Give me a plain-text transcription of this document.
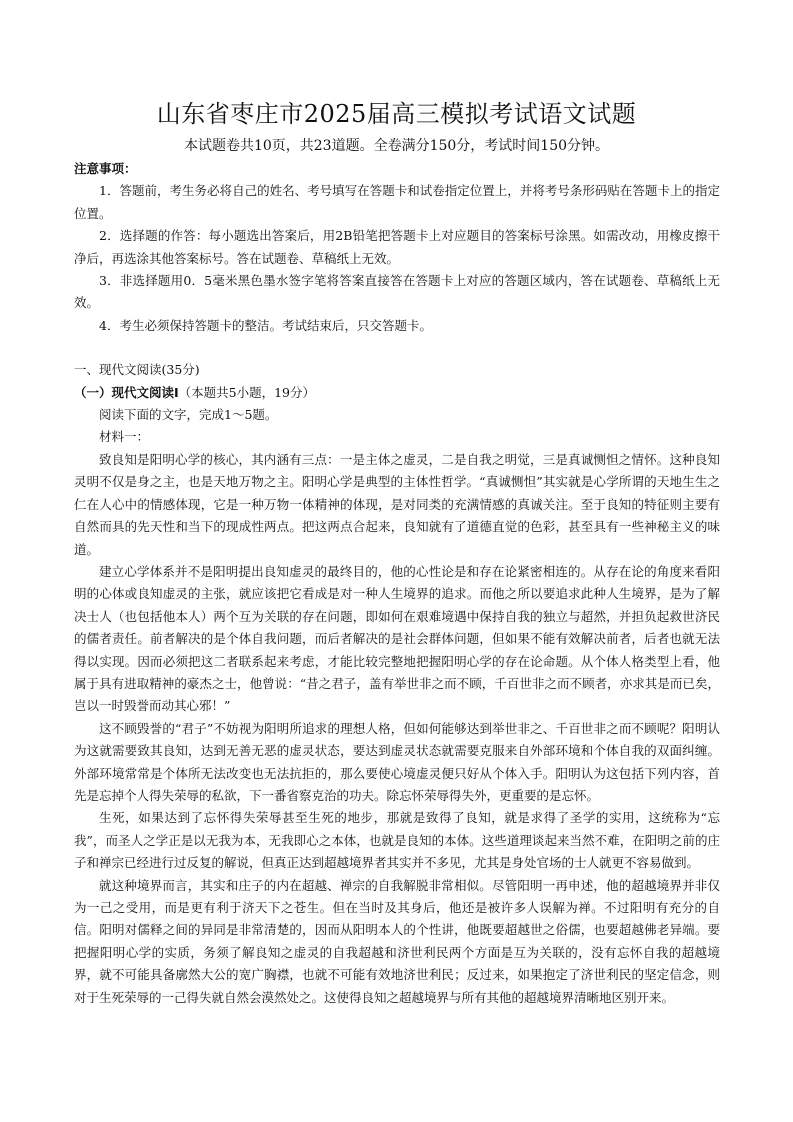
山东省枣庄市2025届高三模拟考试语文试题

本试题卷共10页，共23道题。全卷满分150分，考试时间150分钟。

注意事项：

1．答题前，考生务必将自己的姓名、考号填写在答题卡和试卷指定位置上，并将考号条形码贴在答题卡上的指定位置。

2．选择题的作答：每小题选出答案后，用2B铅笔把答题卡上对应题目的答案标号涂黑。如需改动，用橡皮擦干净后，再选涂其他答案标号。答在试题卷、草稿纸上无效。

3．非选择题用0．5毫米黑色墨水签字笔将答案直接答在答题卡上对应的答题区域内，答在试题卷、草稿纸上无效。

4．考生必须保持答题卡的整洁。考试结束后，只交答题卡。

一、现代文阅读(35分)

（一）现代文阅读Ⅰ（本题共5小题，19分）

阅读下面的文字，完成1～5题。

材料一：

致良知是阳明心学的核心，其内涵有三点：一是主体之虚灵，二是自我之明觉，三是真诚恻怛之情怀。这种良知灵明不仅是身之主，也是天地万物之主。阳明心学是典型的主体性哲学。“真诚恻怛”其实就是心学所谓的天地生生之仁在人心中的情感体现，它是一种万物一体精神的体现，是对同类的充满情感的真诚关注。至于良知的特征则主要有自然而具的先天性和当下的现成性两点。把这两点合起来，良知就有了道德直觉的色彩，甚至具有一些神秘主义的味道。

建立心学体系并不是阳明提出良知虚灵的最终目的，他的心性论是和存在论紧密相连的。从存在论的角度来看阳明的心体或良知虚灵的主张，就应该把它看成是对一种人生境界的追求。而他之所以要追求此种人生境界，是为了解决士人（也包括他本人）两个互为关联的存在问题，即如何在艰难境遇中保持自我的独立与超然，并担负起救世济民的儒者责任。前者解决的是个体自我问题，而后者解决的是社会群体问题，但如果不能有效解决前者，后者也就无法得以实现。因而必须把这二者联系起来考虑，才能比较完整地把握阳明心学的存在论命题。从个体人格类型上看，他属于具有进取精神的豪杰之士，他曾说：“昔之君子，盖有举世非之而不顾，千百世非之而不顾者，亦求其是而已矣，岂以一时毁誉而动其心邪！”

这不顾毁誉的“君子”不妨视为阳明所追求的理想人格，但如何能够达到举世非之、千百世非之而不顾呢？阳明认为这就需要致其良知，达到无善无恶的虚灵状态，要达到虚灵状态就需要克服来自外部环境和个体自我的双面纠缠。外部环境常常是个体所无法改变也无法抗拒的，那么要使心境虚灵便只好从个体入手。阳明认为这包括下列内容，首先是忘掉个人得失荣辱的私欲，下一番省察克治的功夫。除忘怀荣辱得失外，更重要的是忘怀。

生死，如果达到了忘怀得失荣辱甚至生死的地步，那就是致得了良知，就是求得了圣学的实用，这统称为“忘我”，而圣人之学正是以无我为本，无我即心之本体，也就是良知的本体。这些道理谈起来当然不难，在阳明之前的庄子和禅宗已经进行过反复的解说，但真正达到超越境界者其实并不多见，尤其是身处官场的士人就更不容易做到。

就这种境界而言，其实和庄子的内在超越、禅宗的自我解脱非常相似。尽管阳明一再申述，他的超越境界并非仅为一己之受用，而是更有利于济天下之苍生。但在当时及其身后，他还是被许多人误解为禅。不过阳明有充分的自信。阳明对儒释之间的异同是非常清楚的，因而从阳明本人的个性讲，他既要超越世之俗儒，也要超越佛老异端。要把握阳明心学的实质，务须了解良知之虚灵的自我超越和济世利民两个方面是互为关联的，没有忘怀自我的超越境界，就不可能具备廓然大公的宽广胸襟，也就不可能有效地济世利民；反过来，如果抱定了济世利民的坚定信念，则对于生死荣辱的一己得失就自然会漠然处之。这使得良知之超越境界与所有其他的超越境界清晰地区别开来。
